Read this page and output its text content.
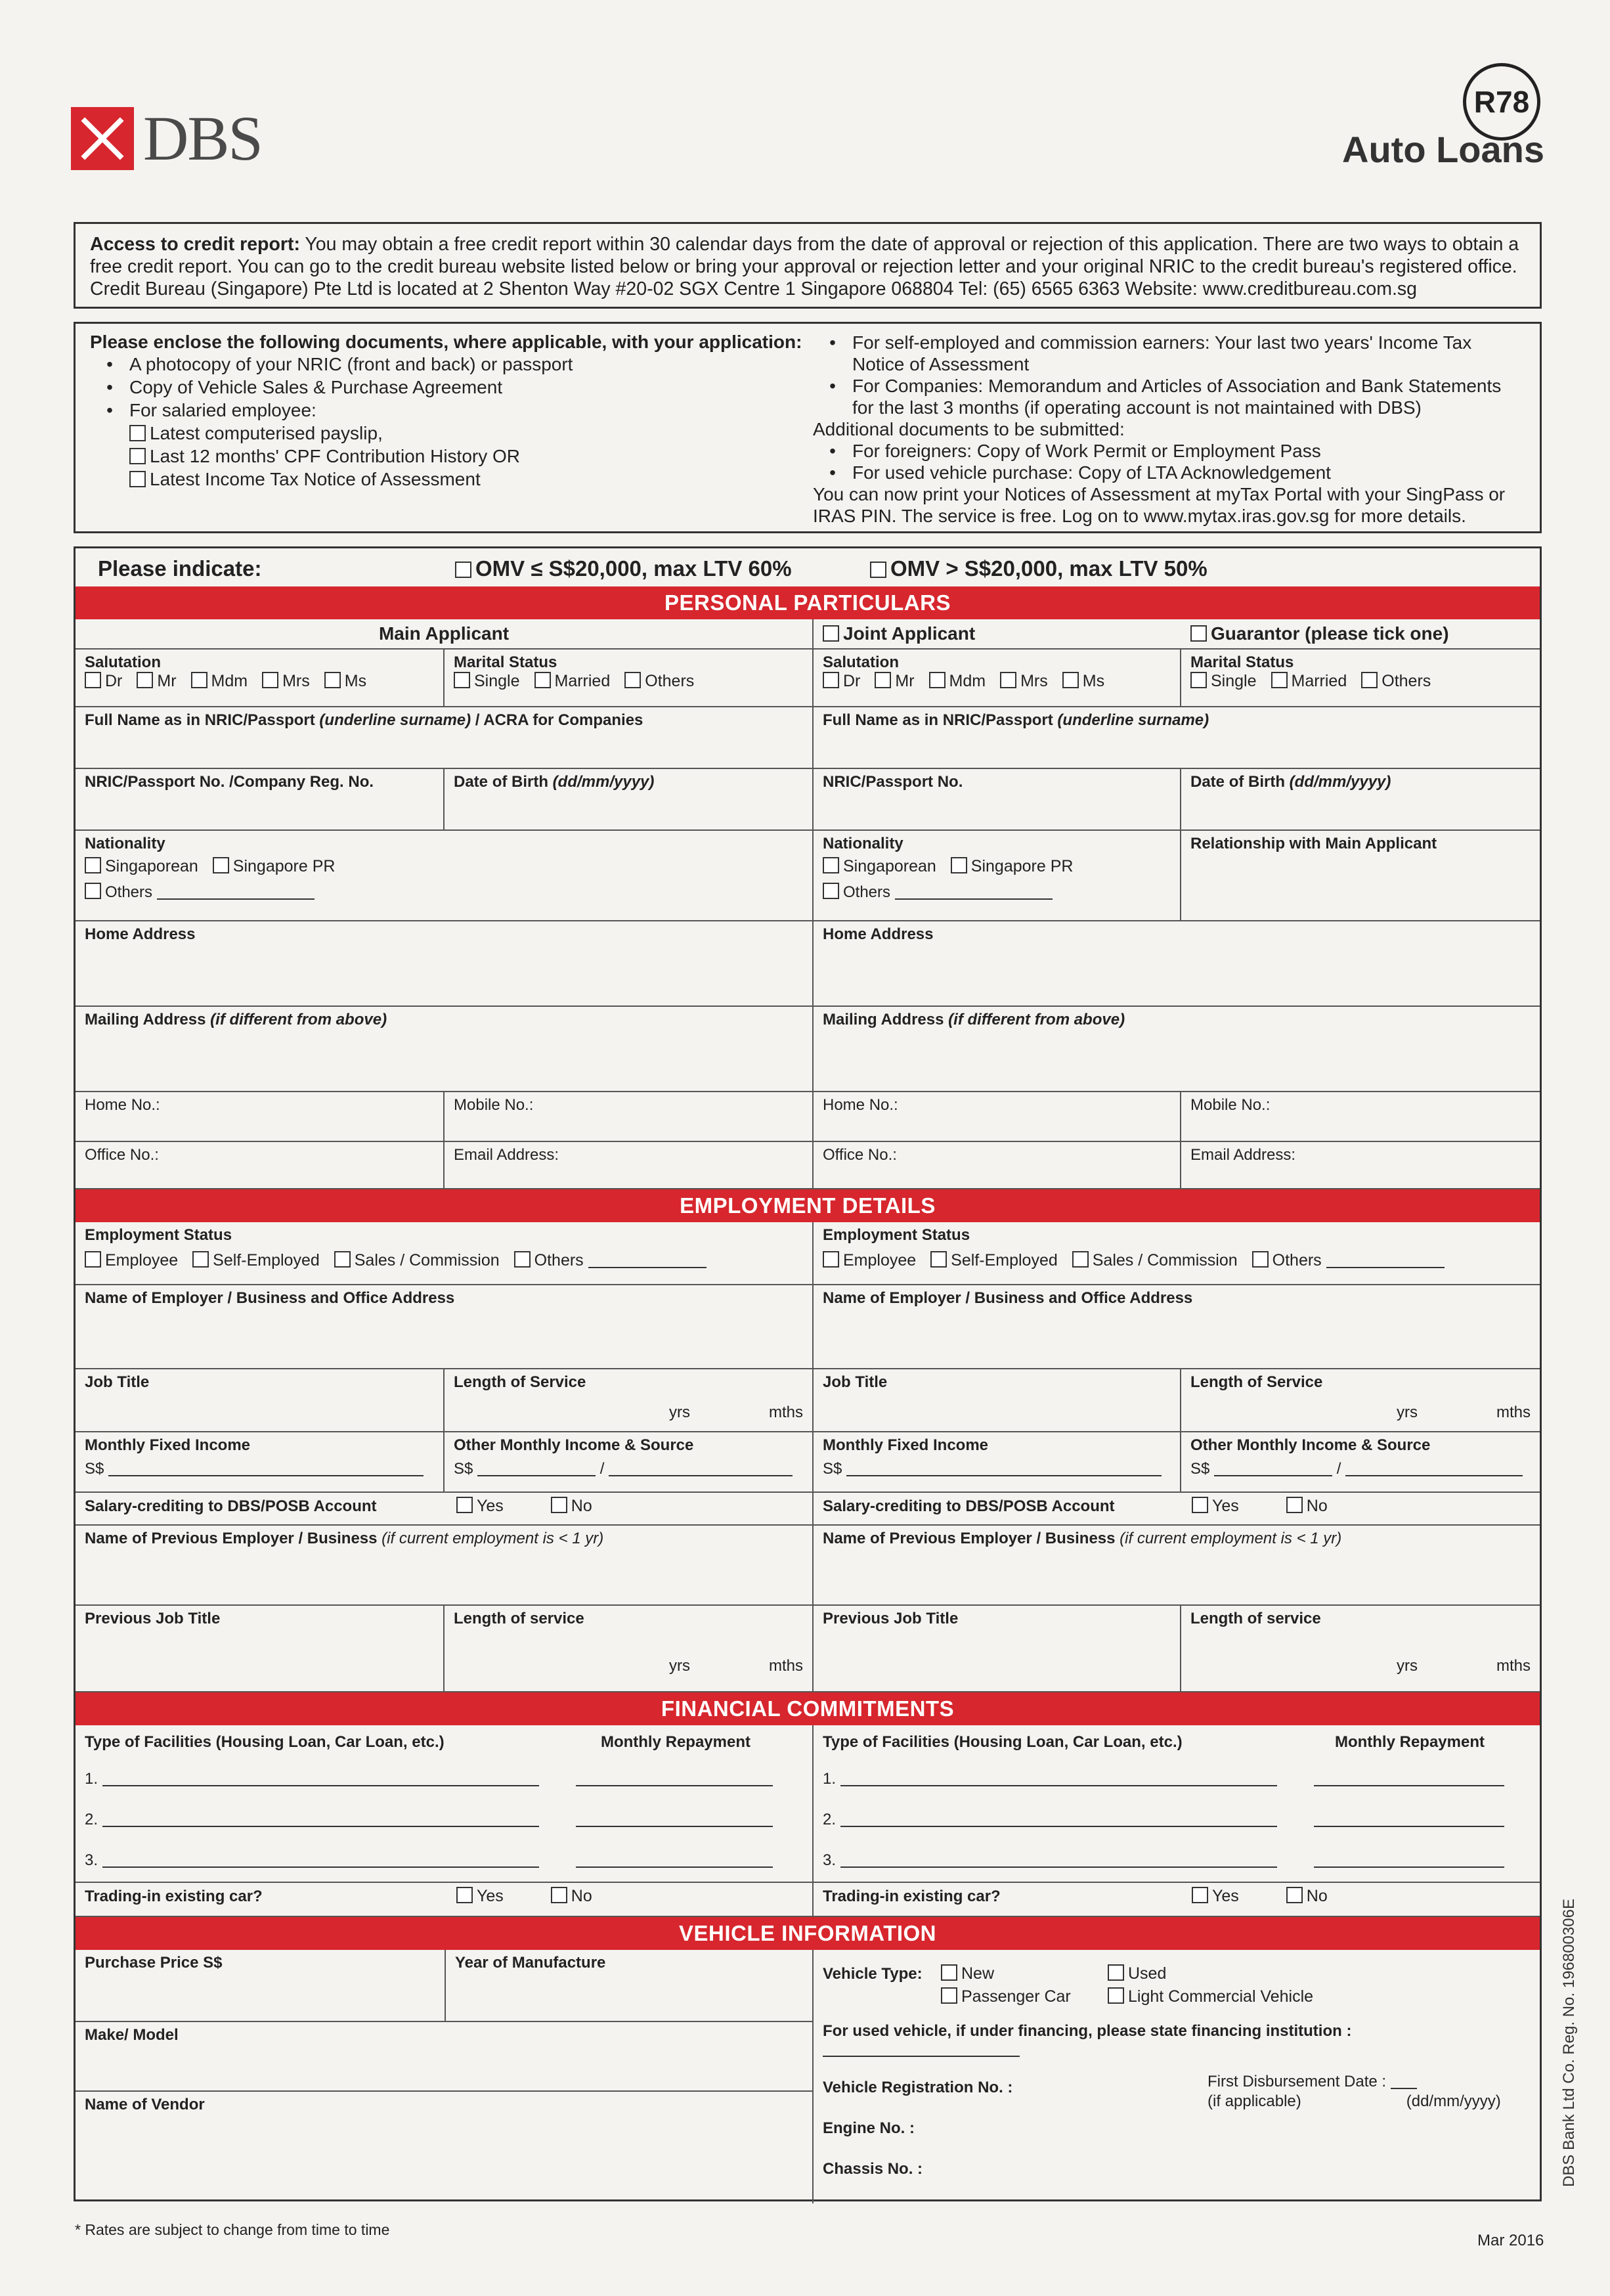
DBS
R78
Auto Loans
Access to credit report: You may obtain a free credit report within 30 calendar days from the date of approval or rejection of this application. There are two ways to obtain a free credit report. You can go to the credit bureau website listed below or bring your approval or rejection letter and your original NRIC to the credit bureau's registered office. Credit Bureau (Singapore) Pte Ltd is located at 2 Shenton Way #20-02 SGX Centre 1 Singapore 068804 Tel: (65) 6565 6363 Website: www.creditbureau.com.sg
Please enclose the following documents, where applicable, with your application:
• A photocopy of your NRIC (front and back) or passport
• Copy of Vehicle Sales & Purchase Agreement
• For salaried employee:
Latest computerised payslip,
Last 12 months' CPF Contribution History OR
Latest Income Tax Notice of Assessment
• For self-employed and commission earners: Your last two years' Income Tax Notice of Assessment
• For Companies: Memorandum and Articles of Association and Bank Statements for the last 3 months (if operating account is not maintained with DBS)
Additional documents to be submitted:
• For foreigners: Copy of Work Permit or Employment Pass
• For used vehicle purchase: Copy of LTA Acknowledgement
You can now print your Notices of Assessment at myTax Portal with your SingPass or IRAS PIN. The service is free. Log on to www.mytax.iras.gov.sg for more details.
Please indicate:	OMV ≤ S$20,000, max LTV 60%	OMV > S$20,000, max LTV 50%
PERSONAL PARTICULARS
Main Applicant	Joint Applicant	Guarantor (please tick one)
Salutation
Dr Mr Mdm Mrs Ms
Marital Status
Single Married Others
Full Name as in NRIC/Passport (underline surname) / ACRA for Companies
NRIC/Passport No. /Company Reg. No.	Date of Birth (dd/mm/yyyy)
Nationality
Singaporean Singapore PR
Others
Home Address
Mailing Address (if different from above)
Home No.:	Mobile No.:
Office No.:	Email Address:
Salutation
Dr Mr Mdm Mrs Ms
Marital Status
Single Married Others
Full Name as in NRIC/Passport (underline surname)
NRIC/Passport No.	Date of Birth (dd/mm/yyyy)
Nationality
Singaporean Singapore PR
Others
Relationship with Main Applicant
Home Address
Mailing Address (if different from above)
Home No.:	Mobile No.:
Office No.:	Email Address:
EMPLOYMENT DETAILS
Employment Status
Employee Self-Employed Sales / Commission Others
Employment Status
Employee Self-Employed Sales / Commission Others
Name of Employer / Business and Office Address	Name of Employer / Business and Office Address
Job Title	Length of Service
yrs	mths
Job Title	Length of Service
yrs	mths
Monthly Fixed Income
S$
Other Monthly Income & Source
S$	/
Monthly Fixed Income
S$
Other Monthly Income & Source
S$	/
Salary-crediting to DBS/POSB Account	Yes	No	Salary-crediting to DBS/POSB Account	Yes	No
Name of Previous Employer / Business (if current employment is < 1 yr)	Name of Previous Employer / Business (if current employment is < 1 yr)
Previous Job Title	Length of service
yrs	mths
Previous Job Title	Length of service
yrs	mths
FINANCIAL COMMITMENTS
Type of Facilities (Housing Loan, Car Loan, etc.)	Monthly Repayment
1.
2.
3.
Type of Facilities (Housing Loan, Car Loan, etc.)	Monthly Repayment
1.
2.
3.
Trading-in existing car?	Yes	No	Trading-in existing car?	Yes	No
VEHICLE INFORMATION
Purchase Price S$	Year of Manufacture
Make/ Model
Name of Vendor
Vehicle Type: New	Used
Passenger Car	Light Commercial Vehicle
For used vehicle, if under financing, please state financing institution :
Vehicle Registration No. :	First Disbursement Date :
(if applicable)	(dd/mm/yyyy)
Engine No. :
Chassis No. :	DBS Bank Ltd Co. Reg. No. 196800306E
* Rates are subject to change from time to time
Mar 2016
